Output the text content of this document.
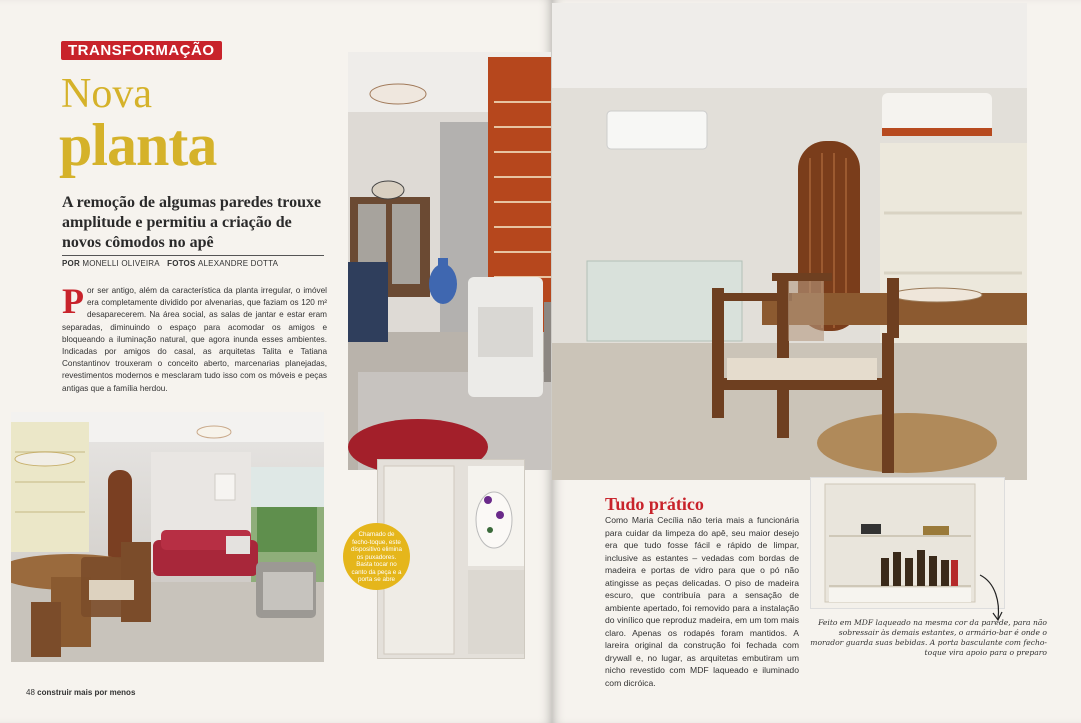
TRANSFORMAÇÃO
Nova
planta
A remoção de algumas paredes trouxe amplitude e permitiu a criação de novos cômodos no apê
POR MONELLI OLIVEIRA FOTOS ALEXANDRE DOTTA
Por ser antigo, além da característica da planta irregular, o imóvel era completamente dividido por alvenarias, que faziam os 120 m² desaparecerem. Na área social, as salas de jantar e estar eram separadas, diminuindo o espaço para acomodar os amigos e bloqueando a iluminação natural, que agora inunda esses ambientes. Indicadas por amigos do casal, as arquitetas Talita e Tatiana Constantinov trouxeram o conceito aberto, marcenarias planejadas, revestimentos modernos e mesclaram tudo isso com os móveis e peças antigas que a família herdou.
48 construir mais por menos
Tudo prático
Como Maria Cecília não teria mais a funcionária para cuidar da limpeza do apê, seu maior desejo era que tudo fosse fácil e rápido de limpar, inclusive as estantes – vedadas com bordas de madeira e portas de vidro para que o pó não atingisse as peças delicadas. O piso de madeira escuro, que contribuía para a sensação de ambiente apertado, foi removido para a instalação do vinílico que reproduz madeira, em um tom mais claro. Apenas os rodapés foram mantidos. A lareira original da construção foi fechada com drywall e, no lugar, as arquitetas embutiram um nicho revestido com MDF laqueado e iluminado com dicróica.
Feito em MDF laqueado na mesma cor da parede, para não sobressair às demais estantes, o armário-bar é onde o morador guarda suas bebidas. A porta basculante com fecho-toque vira apoio para o preparo
Chamado de fecho-toque, este dispositivo elimina os puxadores. Basta tocar no canto da peça e a porta se abre
